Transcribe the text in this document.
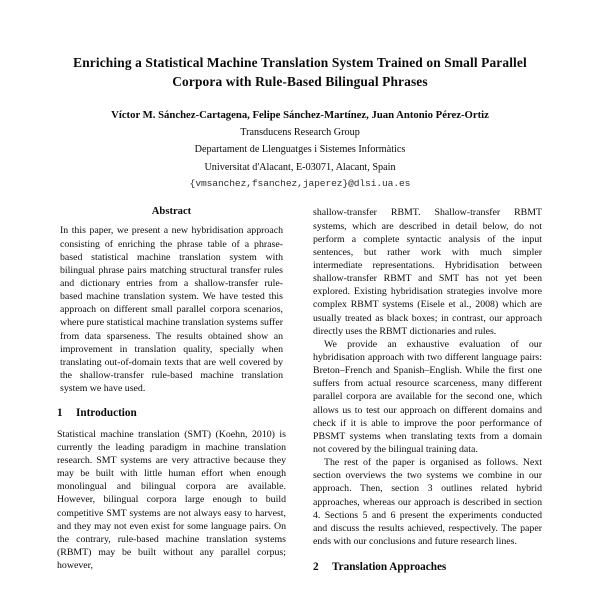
Enriching a Statistical Machine Translation System Trained on Small Parallel Corpora with Rule-Based Bilingual Phrases
Víctor M. Sánchez-Cartagena, Felipe Sánchez-Martínez, Juan Antonio Pérez-Ortiz
Transducens Research Group
Departament de Llenguatges i Sistemes Informàtics
Universitat d'Alacant, E-03071, Alacant, Spain
{vmsanchez,fsanchez,japerez}@dlsi.ua.es
Abstract

In this paper, we present a new hybridisation approach consisting of enriching the phrase table of a phrase-based statistical machine translation system with bilingual phrase pairs matching structural transfer rules and dictionary entries from a shallow-transfer rule-based machine translation system. We have tested this approach on different small parallel corpora scenarios, where pure statistical machine translation systems suffer from data sparseness. The results obtained show an improvement in translation quality, specially when translating out-of-domain texts that are well covered by the shallow-transfer rule-based machine translation system we have used.

1 Introduction

Statistical machine translation (SMT) (Koehn, 2010) is currently the leading paradigm in machine translation research. SMT systems are very attractive because they may be built with little human effort when enough monolingual and bilingual corpora are available. However, bilingual corpora large enough to build competitive SMT systems are not always easy to harvest, and they may not even exist for some language pairs. On the contrary, rule-based machine translation systems (RBMT) may be built without any parallel corpus; however,

shallow-transfer RBMT. Shallow-transfer RBMT systems, which are described in detail below, do not perform a complete syntactic analysis of the input sentences, but rather work with much simpler intermediate representations. Hybridisation between shallow-transfer RBMT and SMT has not yet been explored. Existing hybridisation strategies involve more complex RBMT systems (Eisele et al., 2008) which are usually treated as black boxes; in contrast, our approach directly uses the RBMT dictionaries and rules.

We provide an exhaustive evaluation of our hybridisation approach with two different language pairs: Breton–French and Spanish–English. While the first one suffers from actual resource scarceness, many different parallel corpora are available for the second one, which allows us to test our approach on different domains and check if it is able to improve the poor performance of PBSMT systems when translating texts from a domain not covered by the bilingual training data.

The rest of the paper is organised as follows. Next section overviews the two systems we combine in our approach. Then, section 3 outlines related hybrid approaches, whereas our approach is described in section 4. Sections 5 and 6 present the experiments conducted and discuss the results achieved, respectively. The paper ends with our conclusions and future research lines.

2 Translation Approaches
